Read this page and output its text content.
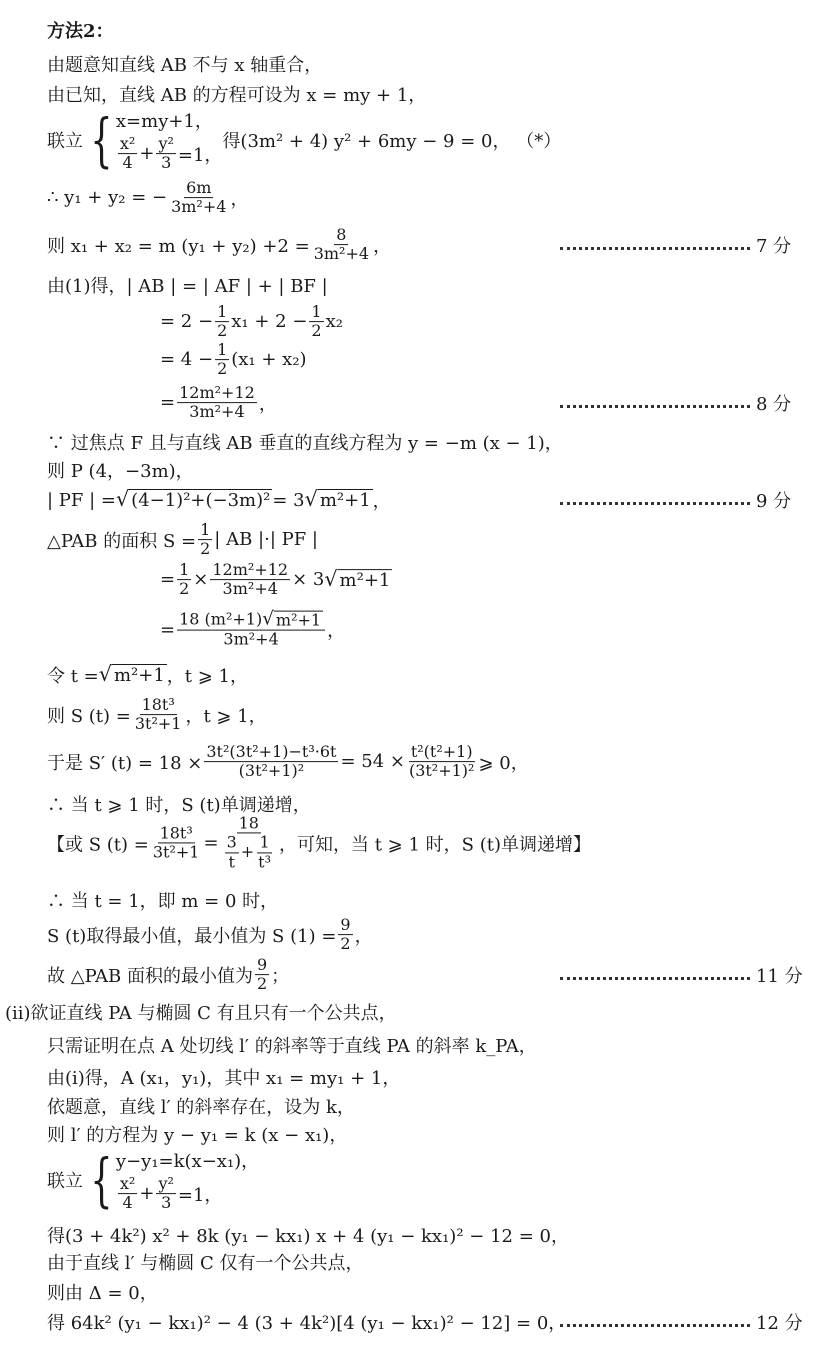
方法2：
由题意知直线 AB 不与 x 轴重合，
由已知，直线 AB 的方程可设为 x = my + 1，
联立 { x=my+1，
$\frac{\text{x²}}{4} + \frac{\text{y²}}{3} =1$，
得(3m² + 4) y² + 6my − 9 = 0， （*）
∴ y₁ + y₂ = − $\frac{6m}{\text{3m²+4}}$ ，
则 x₁ + x₂ = m $(y_1 + y_2) +2 = \frac{8}{\text{3m²+4}}$ ，	7 分
由(1)得，| AB | = | AF | + | BF |
= $2 - \frac{1}{2} x_1 + 2 - \frac{1}{2} x_2$
= $4 - \frac{1}{2} (x_1 + x_2)$
= $\frac{\text{12m²+12}}{\text{3m²+4}}$ ，	8 分
∵ 过焦点 F 且与直线 AB 垂直的直线方程为 y = −m (x − 1)，
则 P (4，−3m)，
| PF | = √ (4−1)²+(−3m)² = 3 √ m²+1 ，	9 分
△PAB 的面积 $S = \frac{1}{2}$ | AB |·| PF |
= $\frac{1}{2} \times \frac{\text{12m²+12}}{\text{3m²+4}} \times 3$ √ m²+1
= $\frac{\text{18 (m²+1) √ m²+1}}{\text{3m²+4}}$ ，
令 t = √ m²+1 ，t ⩾ 1，
则 S $(t) = \frac{\text{18t³}}{\text{3t²+1}}$ ，t ⩾ 1，
于是 S′ $(t) = 18 \times \frac{\text{3t²(3t²+1)−t³·6t}}{\text{(3t²+1)²}} = 54 \times \frac{\text{t²(t²+1)}}{\text{(3t²+1)²}}$ ⩾ 0，
∴ 当 t ⩾ 1 时，S (t)单调递增，
【或 S $(t) = \frac{\text{18t³}}{\text{3t²+1}} = \frac{18}{\frac{3}{t} + \frac{1}{\text{t³}}}$ ，可知，当 t ⩾ 1 时，S (t)单调递增】
∴ 当 t = 1，即 m = 0 时，
S (t)取得最小值，最小值为 S $(1) = \frac{9}{2}$ ，
故 △PAB 面积的最小值为 $\frac{9}{2}$ ；	11 分
(ⅱ)欲证直线 PA 与椭圆 C 有且只有一个公共点，
只需证明在点 A 处切线 l′ 的斜率等于直线 PA 的斜率 k_PA，
由(ⅰ)得，A (x₁，y₁)，其中 x₁ = my₁ + 1，
依题意，直线 l′ 的斜率存在，设为 k，
则 l′ 的方程为 y − y₁ = k (x − x₁)，
联立 { y−y₁=k(x−x₁)，
$\frac{\text{x²}}{4} + \frac{\text{y²}}{3} =1$，
得(3 + 4k²) x² + 8k (y₁ − kx₁) x + 4 (y₁ − kx₁)² − 12 = 0，
由于直线 l′ 与椭圆 C 仅有一个公共点，
则由 Δ = 0，
得 64k² (y₁ − kx₁)² − 4 (3 + 4k²)[4 (y₁ − kx₁)² − 12] = 0，	12 分
